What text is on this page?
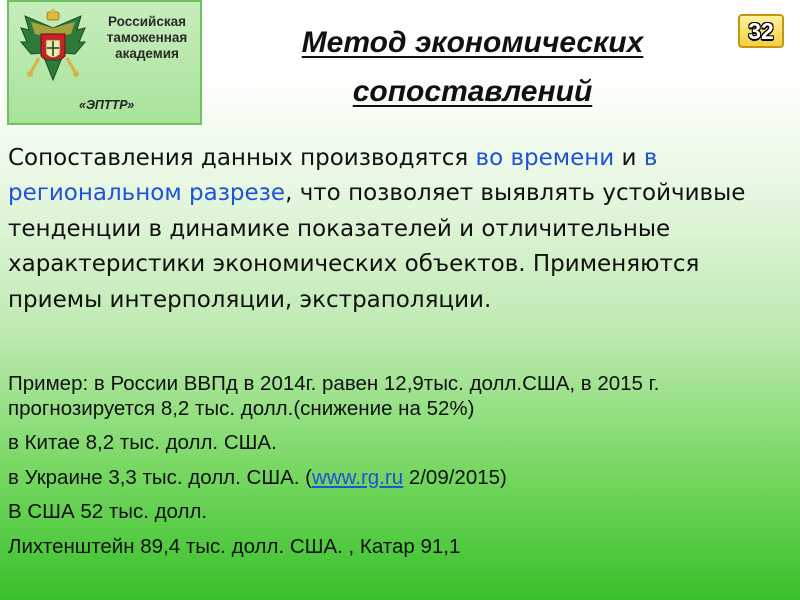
Российская
таможенная
академия
«ЭПТТР»
Метод экономических
сопоставлений
32

Сопоставления данных производятся во времени и в региональном разрезе, что позволяет выявлять устойчивые тенденции в динамике показателей и отличительные характеристики экономических объектов. Применяются приемы интерполяции, экстраполяции.

Пример: в России ВВПд в 2014г. равен 12,9тыс. долл.США, в 2015 г. прогнозируется 8,2 тыс. долл.(снижение на 52%)

в Китае 8,2 тыс. долл. США.

в Украине 3,3 тыс. долл. США. (www.rg.ru 2/09/2015)

В США 52 тыс. долл.

Лихтенштейн 89,4 тыс. долл. США. , Катар 91,1
